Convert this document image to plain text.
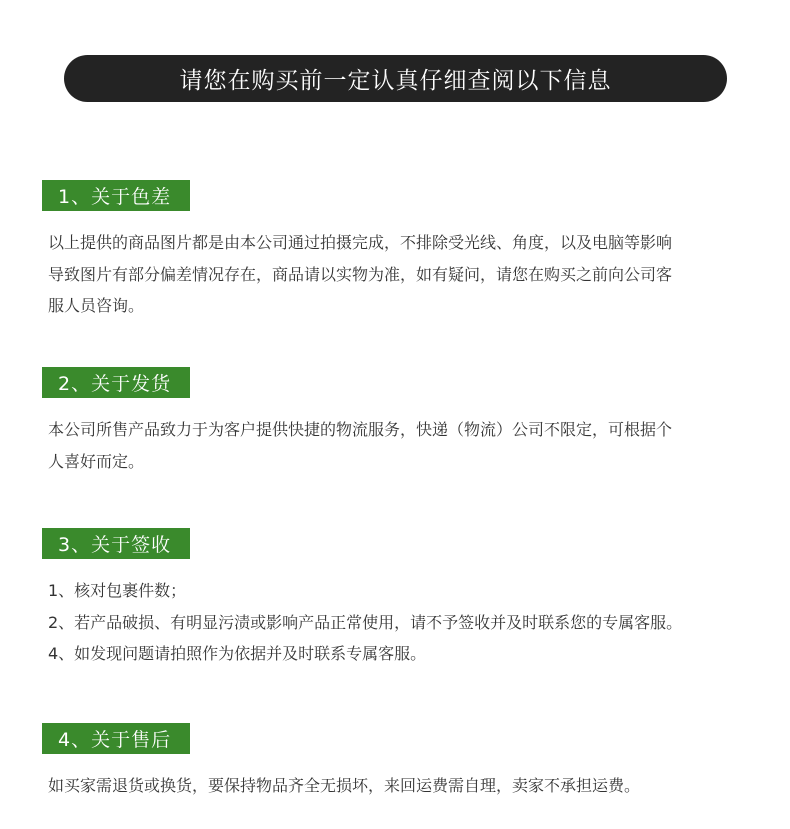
请您在购买前一定认真仔细查阅以下信息
1、关于色差
以上提供的商品图片都是由本公司通过拍摄完成，不排除受光线、角度，以及电脑等影响
导致图片有部分偏差情况存在，商品请以实物为准，如有疑问，请您在购买之前向公司客
服人员咨询。
2、关于发货
本公司所售产品致力于为客户提供快捷的物流服务，快递（物流）公司不限定，可根据个
人喜好而定。
3、关于签收
1、核对包裹件数；
2、若产品破损、有明显污渍或影响产品正常使用，请不予签收并及时联系您的专属客服。
4、如发现问题请拍照作为依据并及时联系专属客服。
4、关于售后
如买家需退货或换货，要保持物品齐全无损坏，来回运费需自理，卖家不承担运费。
